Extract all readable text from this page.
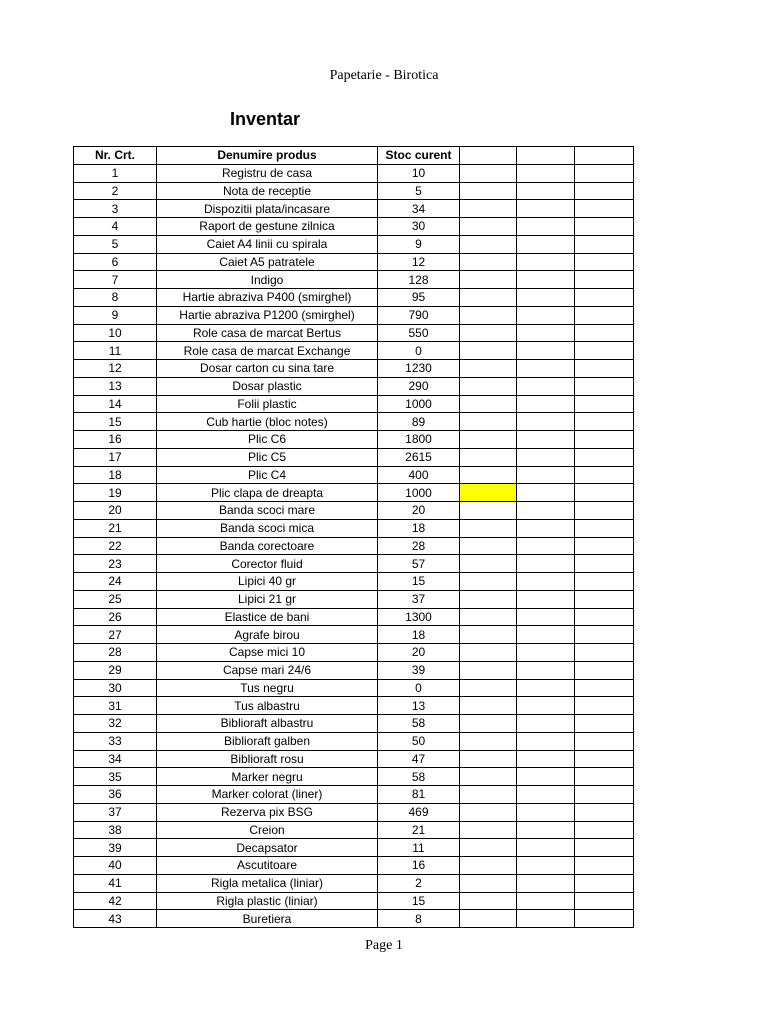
Papetarie - Birotica
Inventar
Nr. Crt.	Denumire produs	Stoc curent			
1	Registru de casa	10			
2	Nota de receptie	5			
3	Dispozitii plata/incasare	34			
4	Raport de gestune zilnica	30			
5	Caiet A4 linii cu spirala	9			
6	Caiet A5 patratele	12			
7	Indigo	128			
8	Hartie abraziva P400 (smirghel)	95			
9	Hartie abraziva P1200 (smirghel)	790			
10	Role casa de marcat Bertus	550			
11	Role casa de marcat Exchange	0			
12	Dosar carton cu sina tare	1230			
13	Dosar plastic	290			
14	Folii plastic	1000			
15	Cub hartie (bloc notes)	89			
16	Plic C6	1800			
17	Plic C5	2615			
18	Plic C4	400			
19	Plic clapa de dreapta	1000			
20	Banda scoci mare	20			
21	Banda scoci mica	18			
22	Banda corectoare	28			
23	Corector fluid	57			
24	Lipici 40 gr	15			
25	Lipici 21 gr	37			
26	Elastice de bani	1300			
27	Agrafe birou	18			
28	Capse mici 10	20			
29	Capse mari 24/6	39			
30	Tus negru	0			
31	Tus albastru	13			
32	Biblioraft albastru	58			
33	Biblioraft galben	50			
34	Biblioraft rosu	47			
35	Marker negru	58			
36	Marker colorat (liner)	81			
37	Rezerva pix BSG	469			
38	Creion	21			
39	Decapsator	11			
40	Ascutitoare	16			
41	Rigla metalica (liniar)	2			
42	Rigla plastic (liniar)	15			
43	Buretiera	8			
Page 1
